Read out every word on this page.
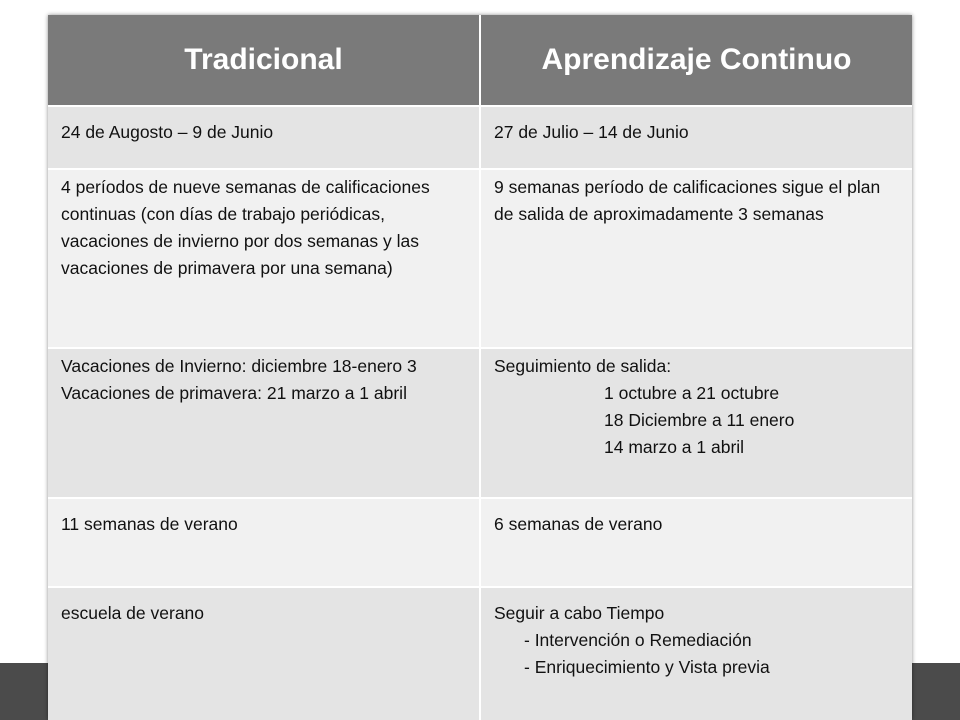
Tradicional	Aprendizaje Continuo

24 de Augosto – 9 de Junio	27 de Julio – 14 de Junio

4 períodos de nueve semanas de calificaciones continuas (con días de trabajo periódicas, vacaciones de invierno por dos semanas y las vacaciones de primavera por una semana)	9 semanas período de calificaciones sigue el plan de salida de aproximadamente 3 semanas

Vacaciones de Invierno: diciembre 18-enero 3
Vacaciones de primavera: 21 marzo a 1 abril	Seguimiento de salida:
1 octubre a 21 octubre
18 Diciembre a 11 enero
14 marzo a 1 abril

11 semanas de verano	6 semanas de verano

escuela de verano	Seguir a cabo Tiempo
- Intervención o Remediación
- Enriquecimiento y Vista previa
